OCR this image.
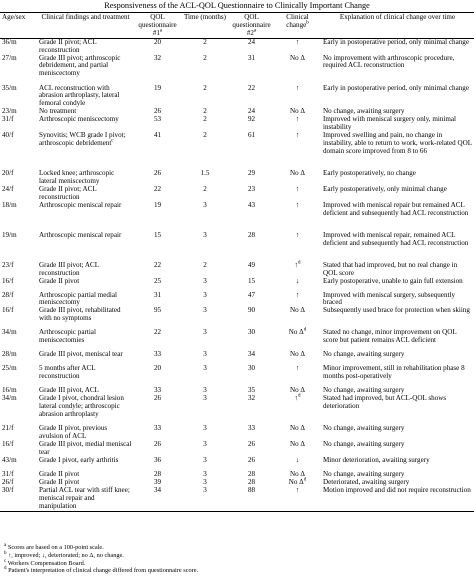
Responsiveness of the ACL-QOL Questionnaire to Clinically Important Change
Age/sex	Clinical findings and treatment	QOL questionnaire #1$^a$	Time (months)	QOL questionnaire #2$^a$	Clinical change$^b$	Explanation of clinical change over time
36/m	Grade II pivot; ACL reconstruction	20	2	24	↑	Early in postoperative period, only minimal change
27/m	Grade III pivot; arthroscopic debridement, and partial meniscectomy	32	2	31	No Δ	No improvement with arthroscopic procedure, required ACL reconstruction
35/m	ACL reconstruction with abrasion arthroplasty, lateral femoral condyle	19	2	22	↑	Early in postoperative period, only minimal change
23/m	No treatment	26	2	24	No Δ	No change, awaiting surgery
31/f	Arthroscopic meniscectomy	53	2	92	↑	Improved with meniscal surgery only, minimal instability
40/f	Synovitis; WCB grade I pivot; arthroscopic debridement$^c$	41	2	61	↑	Improved swelling and pain, no change in instability, able to return to work, work-related QOL domain score improved from 8 to 66
20/f	Locked knee; arthroscopic lateral meniscectomy	26	1.5	29	No Δ	Early postoperatively, no change
24/f	Grade II pivot; ACL reconstruction	22	2	23	↑	Early postoperatively, only minimal change
18/m	Arthroscopic meniscal repair	19	3	43	↑	Improved with meniscal repair but remained ACL deficient and subsequently had ACL reconstruction
19/m	Arthroscopic meniscal repair	15	3	28	↑	Improved with meniscal repair, remained ACL deficient and subsequently had ACL reconstruction
23/f	Grade III pivot; ACL reconstruction	22	2	49	↑$^d$	Stated that had improved, but no real change in QOL score
16/f	Grade II pivot	25	3	15	↓	Early postoperative, unable to gain full extension
28/f	Arthroscopic partial medial meniscectomy	31	3	47	↑	Improved with meniscal surgery, subsequently braced
16/f	Grade III pivot, rehabilitated with no symptoms	95	3	90	No Δ	Subsequently used brace for protection when skiing
34/m	Arthroscopic partial meniscectomies	22	3	30	No $\Delta^d$	Stated no change, minor improvement on QOL score but patient remains ACL deficient
28/m	Grade III pivot, meniscal tear	33	3	34	No Δ	No change, awaiting surgery
25/m	5 months after ACL reconstruction	20	3	30	↑	Minor improvement, still in rehabilitation phase 8 months post-operatively
16/m	Grade III pivot, ACL	33	3	35	No Δ	No change, awaiting surgery
34/m	Grade I pivot, chondral lesion lateral condyle; arthroscopic abrasion arthroplasty	26	3	32	↑$^d$	Stated had improved, but ACL-QOL shows deterioration
21/f	Grade II pivot, previous avulsion of ACL	33	3	33	No Δ	No change, awaiting surgery
16/f	Grade III pivot, medial meniscal tear	26	3	26	No Δ	No change, awaiting surgery
43/m	Grade I pivot, early arthritis	36	3	26	↓	Minor deterioration, awaiting surgery
31/f	Grade II pivot	28	3	28	No Δ	No change, awaiting surgery
26/f	Grade II pivot	39	3	28	No $\Delta^d$	Deteriorated, awaiting surgery
30/f	Partial ACL tear with stiff knee; meniscal repair and manipulation	34	3	88	↑	Motion improved and did not require reconstruction
$^a$ Scores are based on a 100-point scale.
$^b$ ↑, improved; ↓, deteriorated; no Δ, no change.
$^c$ Workers Compensation Board.
$^d$ Patient's interpretation of clinical change differed from questionnaire score.
